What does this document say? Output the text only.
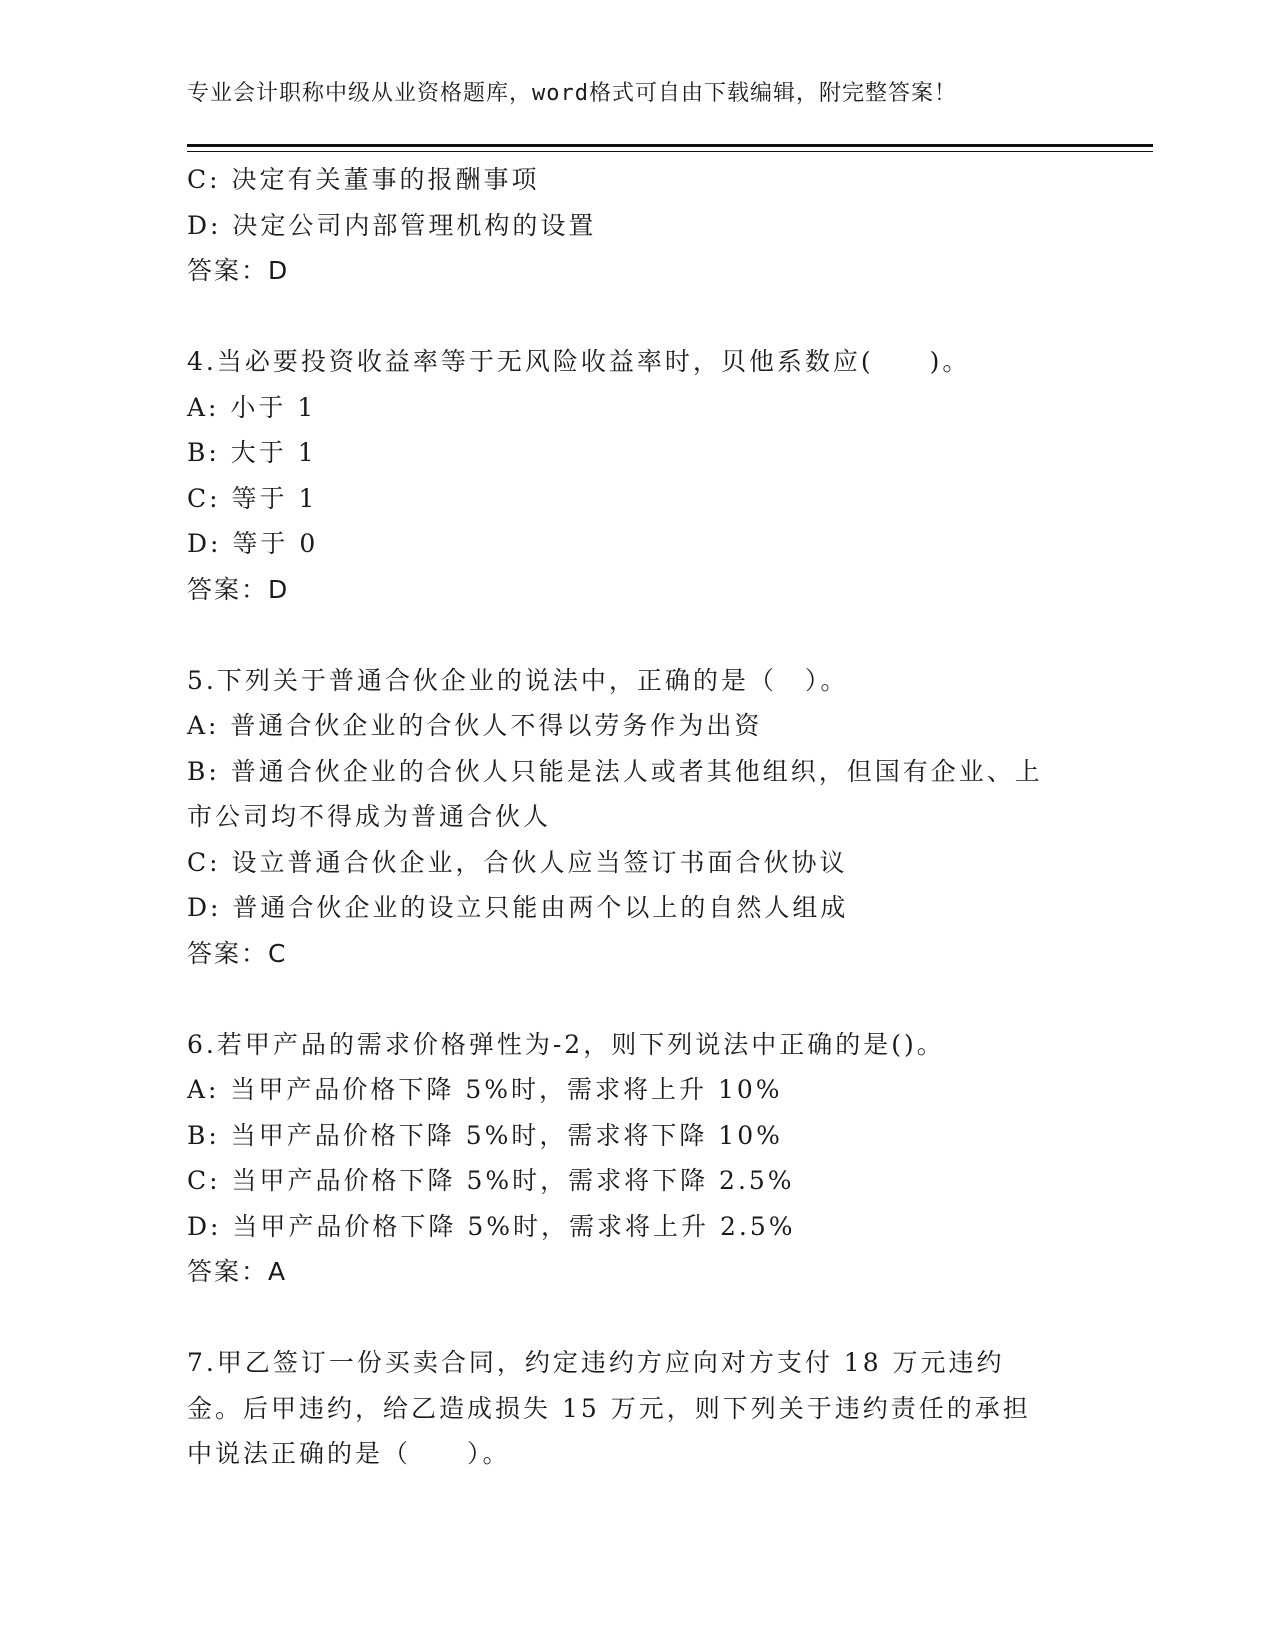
专业会计职称中级从业资格题库，word格式可自由下载编辑，附完整答案！
C: 决定有关董事的报酬事项
D: 决定公司内部管理机构的设置
答案：D
4.当必要投资收益率等于无风险收益率时，贝他系数应(　　)。
A: 小于 1
B: 大于 1
C: 等于 1
D: 等于 0
答案：D
5.下列关于普通合伙企业的说法中，正确的是（　）。
A: 普通合伙企业的合伙人不得以劳务作为出资
B: 普通合伙企业的合伙人只能是法人或者其他组织，但国有企业、上市公司均不得成为普通合伙人
C: 设立普通合伙企业，合伙人应当签订书面合伙协议
D: 普通合伙企业的设立只能由两个以上的自然人组成
答案：C
6.若甲产品的需求价格弹性为-2，则下列说法中正确的是()。
A: 当甲产品价格下降 5%时，需求将上升 10%
B: 当甲产品价格下降 5%时，需求将下降 10%
C: 当甲产品价格下降 5%时，需求将下降 2.5%
D: 当甲产品价格下降 5%时，需求将上升 2.5%
答案：A
7.甲乙签订一份买卖合同，约定违约方应向对方支付 18 万元违约金。后甲违约，给乙造成损失 15 万元，则下列关于违约责任的承担中说法正确的是（　　）。
